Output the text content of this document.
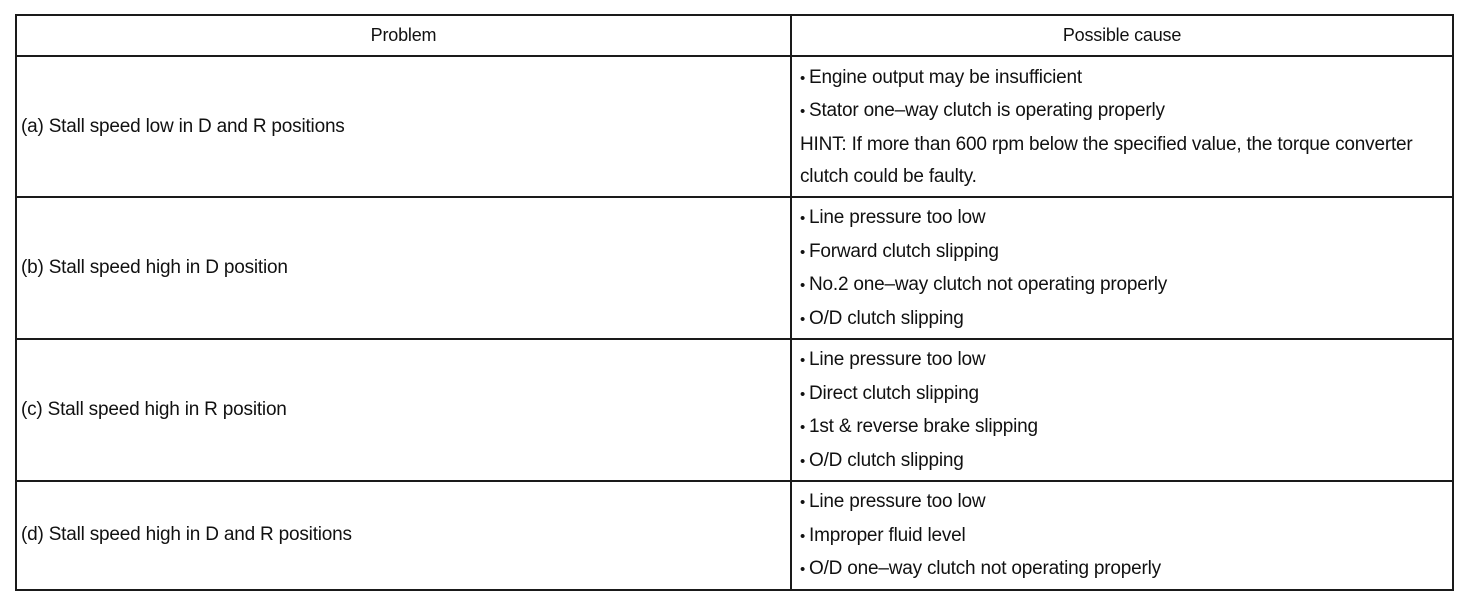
Problem	Possible cause
(a) Stall speed low in D and R positions	• Engine output may be insufficient
• Stator one–way clutch is operating properly
HINT: If more than 600 rpm below the specified value, the torque converter clutch could be faulty.

(b) Stall speed high in D position	• Line pressure too low
• Forward clutch slipping
• No.2 one–way clutch not operating properly
• O/D clutch slipping

(c) Stall speed high in R position	• Line pressure too low
• Direct clutch slipping
• 1st & reverse brake slipping
• O/D clutch slipping

(d) Stall speed high in D and R positions	• Line pressure too low
• Improper fluid level
• O/D one–way clutch not operating properly
